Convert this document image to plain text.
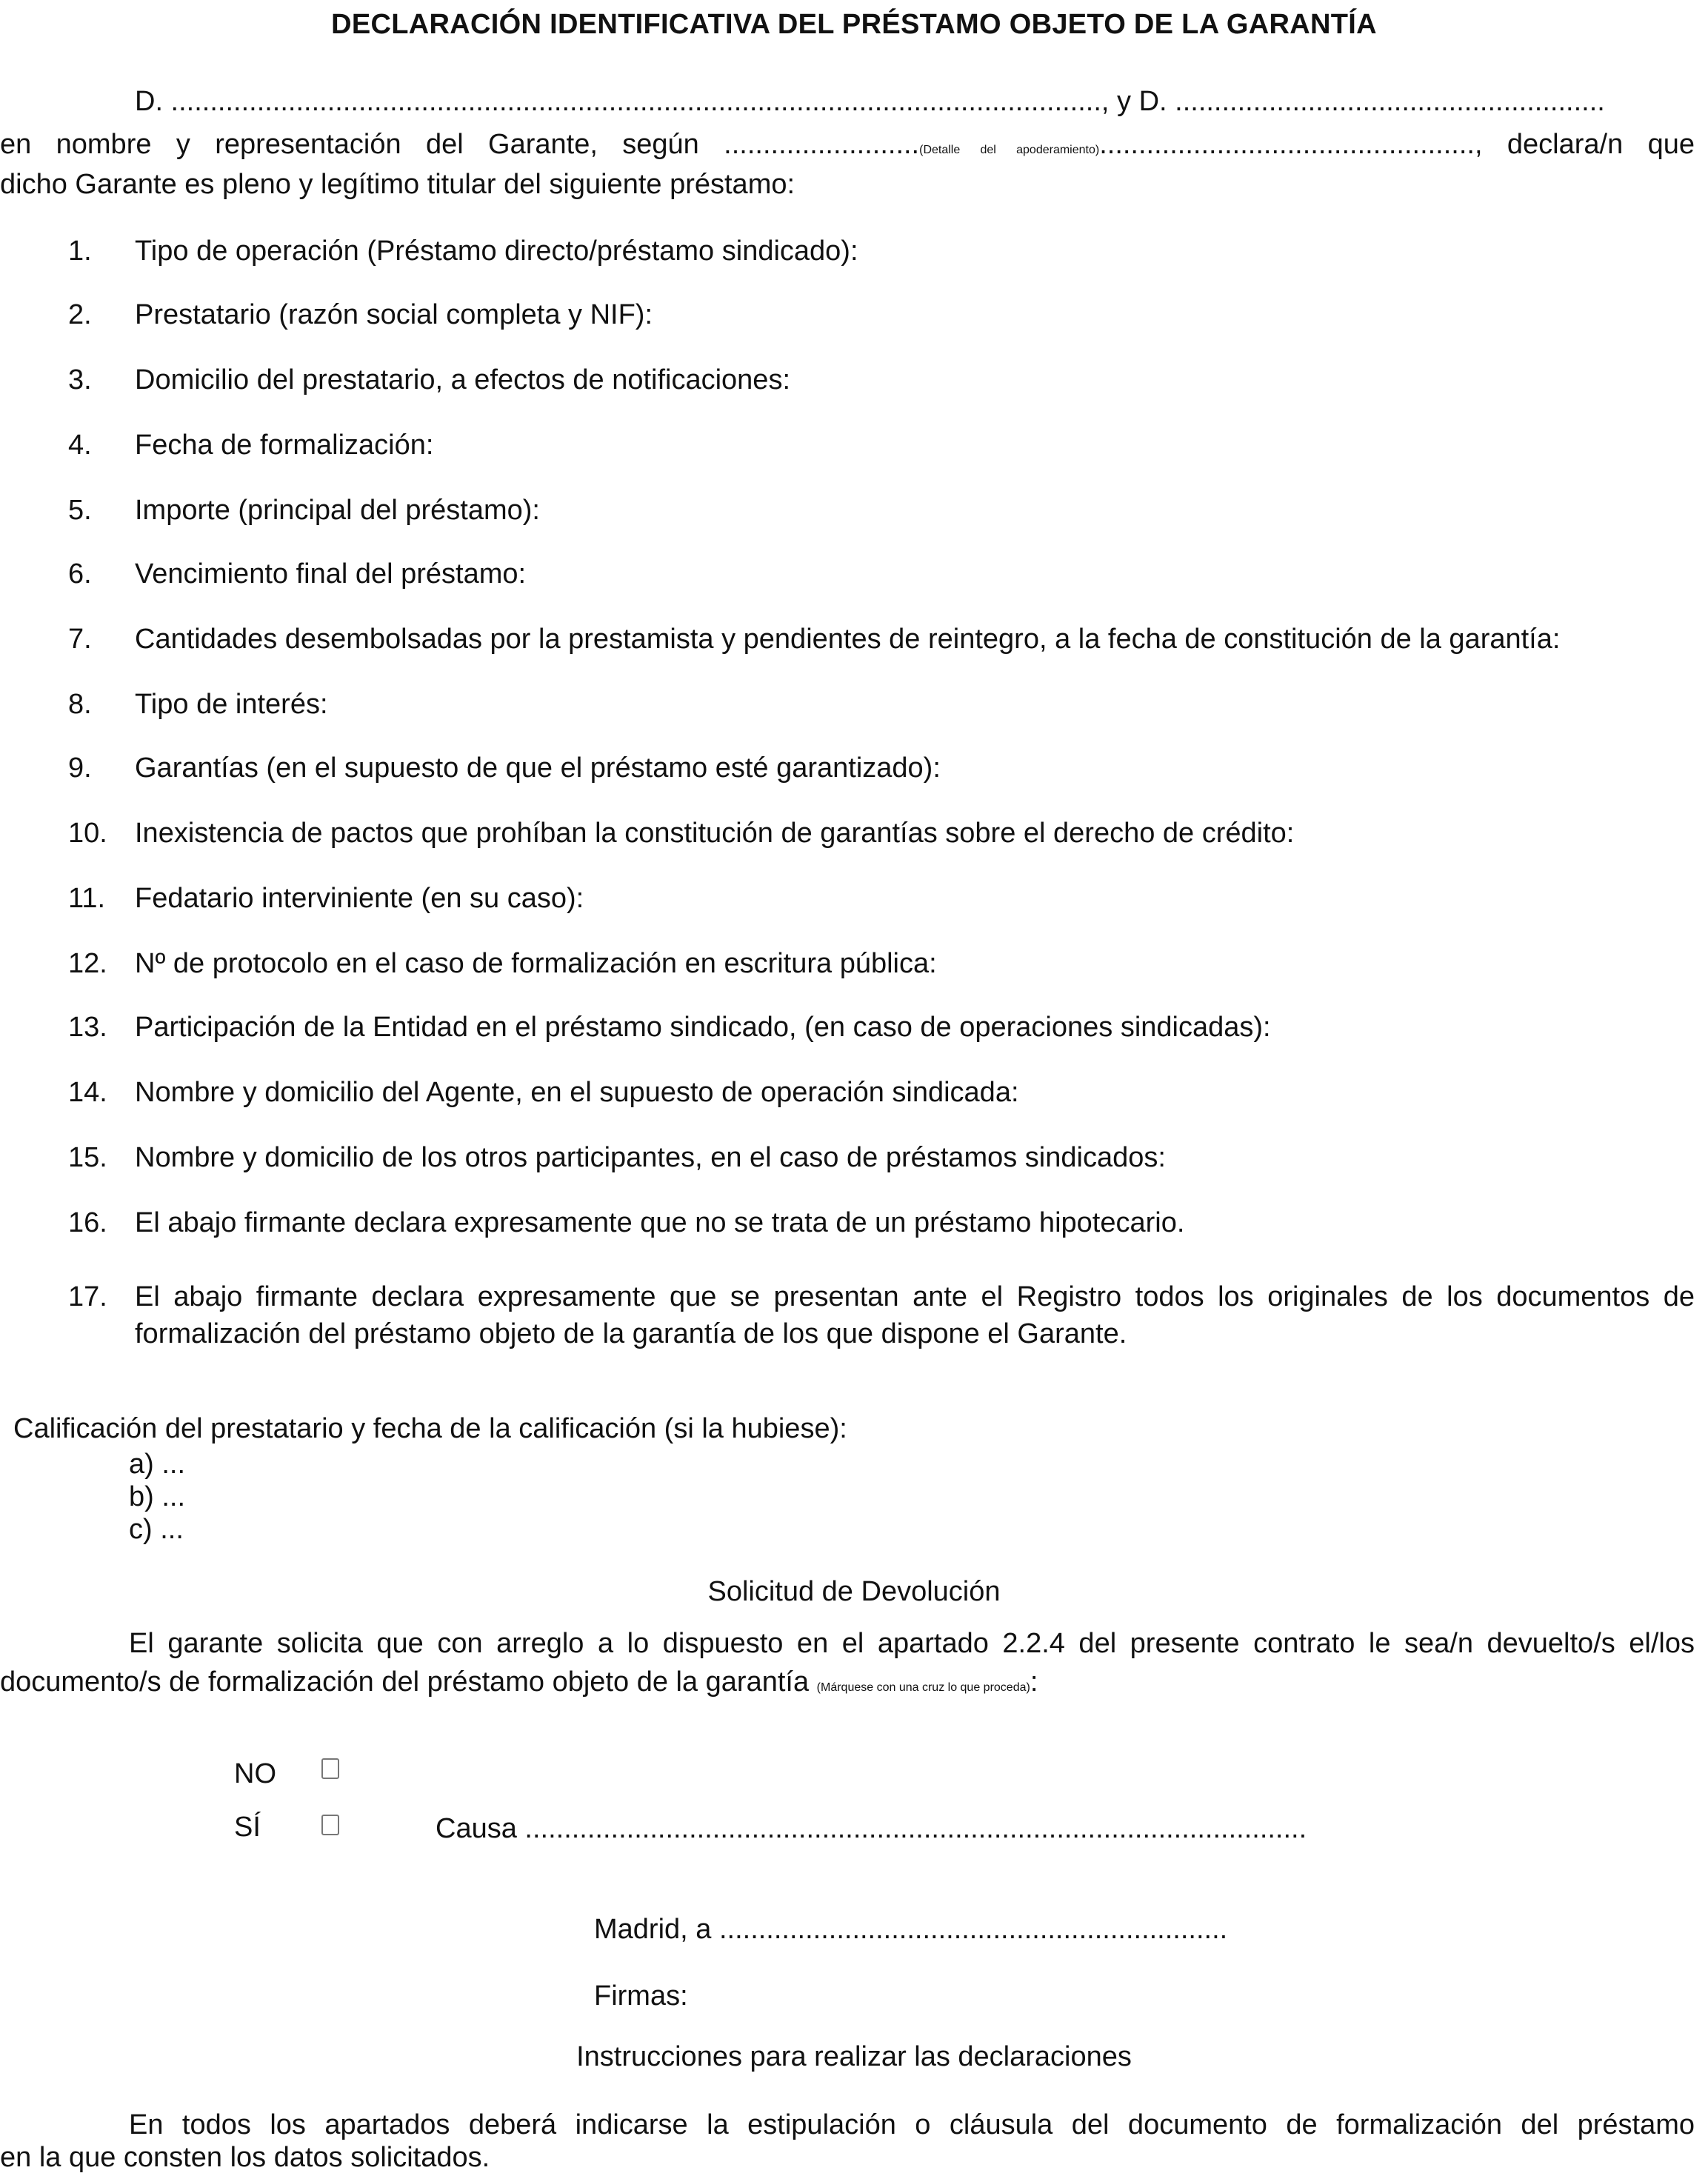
DECLARACIÓN IDENTIFICATIVA DEL PRÉSTAMO OBJETO DE LA GARANTÍA
D. ......................................................................................................................., y D. .......................................................
en nombre y representación del Garante, según .........................(Detalle del apoderamiento)................................................, declara/n que
dicho Garante es pleno y legítimo titular del siguiente préstamo:
1.	Tipo de operación (Préstamo directo/préstamo sindicado):
2.	Prestatario (razón social completa y NIF):
3.	Domicilio del prestatario, a efectos de notificaciones:
4.	Fecha de formalización:
5.	Importe (principal del préstamo):
6.	Vencimiento final del préstamo:
7.	Cantidades desembolsadas por la prestamista y pendientes de reintegro, a la fecha de constitución de la garantía:
8.	Tipo de interés:
9.	Garantías (en el supuesto de que el préstamo esté garantizado):
10. Inexistencia de pactos que prohíban la constitución de garantías sobre el derecho de crédito:
11.	Fedatario interviniente (en su caso):
12. Nº de protocolo en el caso de formalización en escritura pública:
13. Participación de la Entidad en el préstamo sindicado, (en caso de operaciones sindicadas):
14. Nombre y domicilio del Agente, en el supuesto de operación sindicada:
15. Nombre y domicilio de los otros participantes, en el caso de préstamos sindicados:
16. El abajo firmante declara expresamente que no se trata de un préstamo hipotecario.
17. El abajo firmante declara expresamente que se presentan ante el Registro todos los originales de los documentos de
formalización del préstamo objeto de la garantía de los que dispone el Garante.
Calificación del prestatario y fecha de la calificación (si la hubiese):
a) ...
b) ...
c) ...
Solicitud de Devolución
El garante solicita que con arreglo a lo dispuesto en el apartado 2.2.4 del presente contrato le sea/n devuelto/s el/los
documento/s de formalización del préstamo objeto de la garantía (Márquese con una cruz lo que proceda):
NO
SÍ	Causa ....................................................................................................
Madrid, a .................................................................
Firmas:
Instrucciones para realizar las declaraciones
En todos los apartados deberá indicarse la estipulación o cláusula del documento de formalización del préstamo
en la que consten los datos solicitados.
